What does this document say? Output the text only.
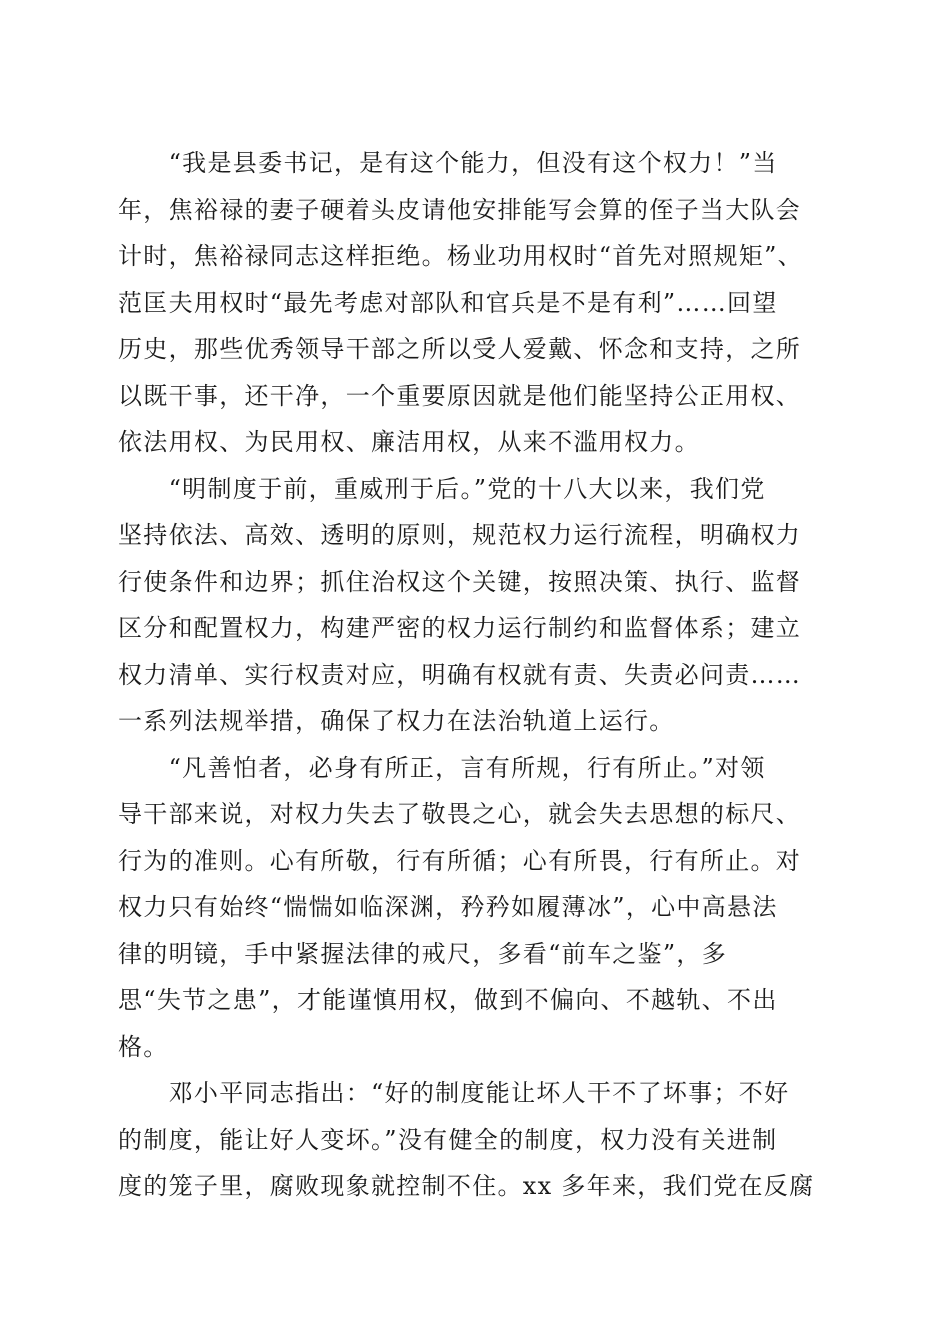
　　“我是县委书记，是有这个能力，但没有这个权力！”当
年，焦裕禄的妻子硬着头皮请他安排能写会算的侄子当大队会
计时，焦裕禄同志这样拒绝。杨业功用权时“首先对照规矩”、
范匡夫用权时“最先考虑对部队和官兵是不是有利”……回望
历史，那些优秀领导干部之所以受人爱戴、怀念和支持，之所
以既干事，还干净，一个重要原因就是他们能坚持公正用权、
依法用权、为民用权、廉洁用权，从来不滥用权力。
　　“明制度于前，重威刑于后。”党的十八大以来，我们党
坚持依法、高效、透明的原则，规范权力运行流程，明确权力
行使条件和边界；抓住治权这个关键，按照决策、执行、监督
区分和配置权力，构建严密的权力运行制约和监督体系；建立
权力清单、实行权责对应，明确有权就有责、失责必问责……
一系列法规举措，确保了权力在法治轨道上运行。
　　“凡善怕者，必身有所正，言有所规，行有所止。”对领
导干部来说，对权力失去了敬畏之心，就会失去思想的标尺、
行为的准则。心有所敬，行有所循；心有所畏，行有所止。对
权力只有始终“惴惴如临深渊，矜矜如履薄冰”，心中高悬法
律的明镜，手中紧握法律的戒尺，多看“前车之鉴”，多
思“失节之患”，才能谨慎用权，做到不偏向、不越轨、不出
格。
　　邓小平同志指出：“好的制度能让坏人干不了坏事；不好
的制度，能让好人变坏。”没有健全的制度，权力没有关进制
度的笼子里，腐败现象就控制不住。xx 多年来，我们党在反腐
